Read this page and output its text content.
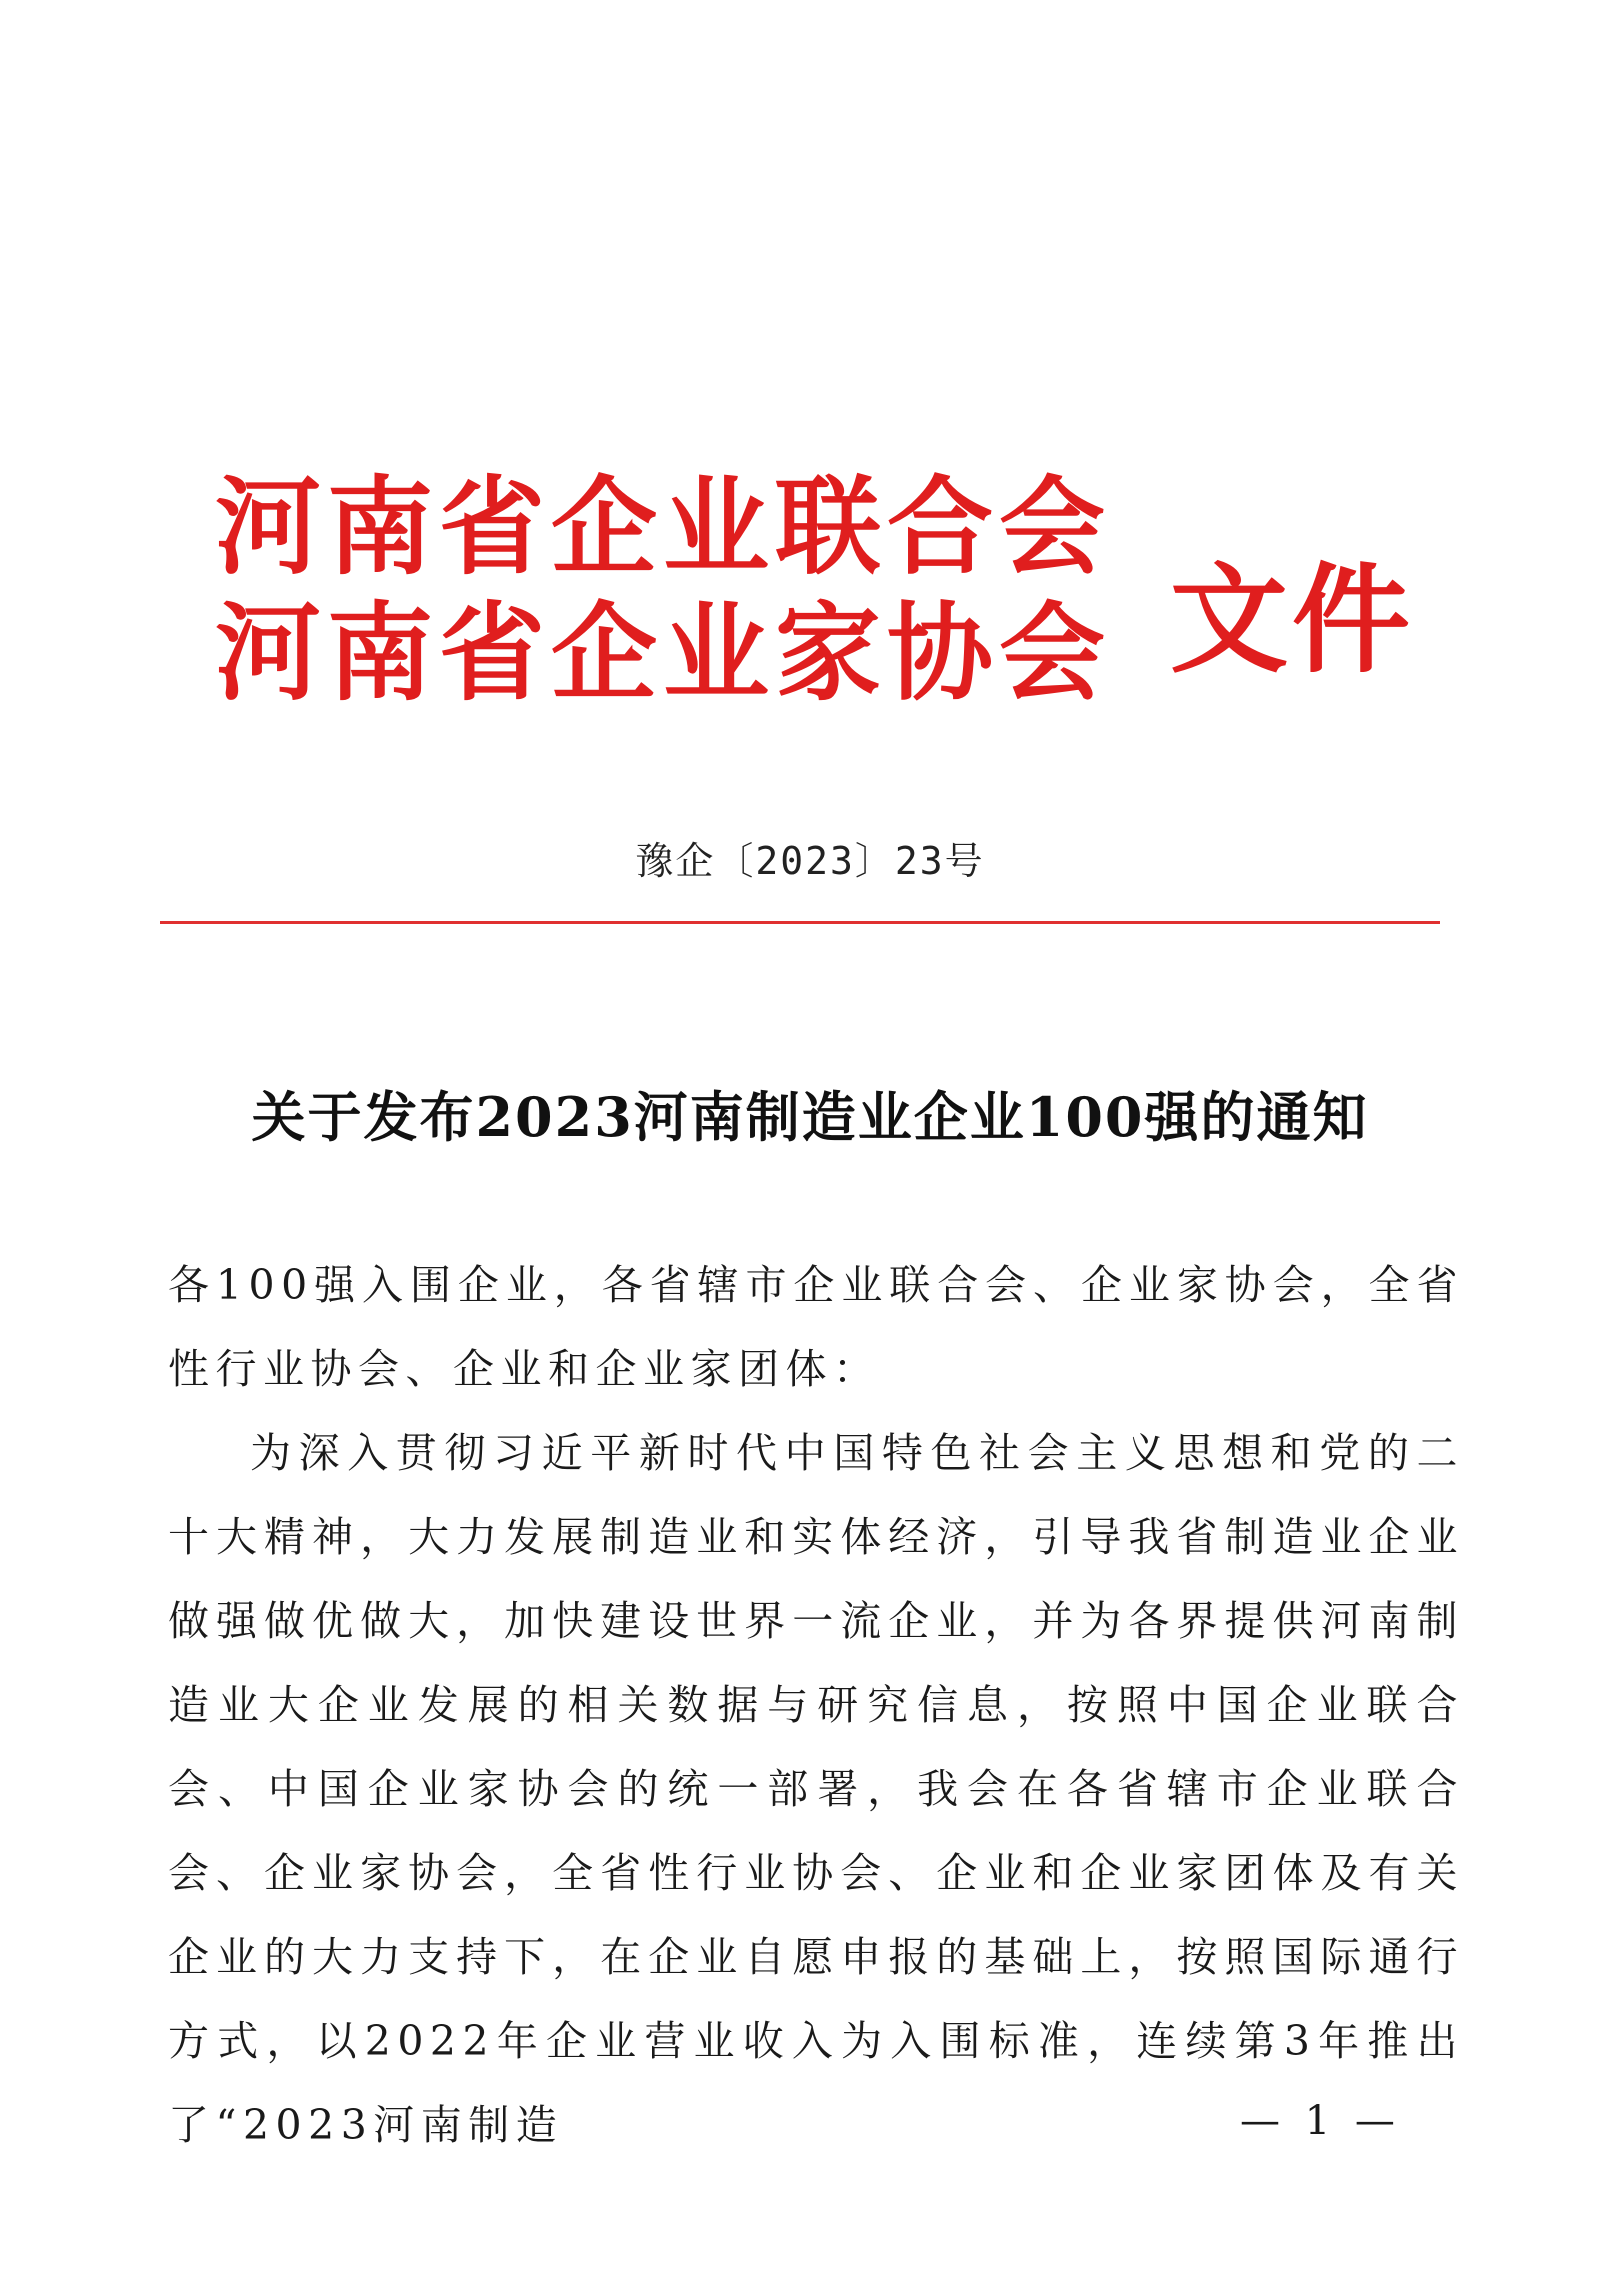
河南省企业联合会
河南省企业家协会 文件
豫企〔2023〕23号
关于发布2023河南制造业企业100强的通知

各100强入围企业，各省辖市企业联合会、企业家协会，全省性行业协会、企业和企业家团体：

为深入贯彻习近平新时代中国特色社会主义思想和党的二十大精神，大力发展制造业和实体经济，引导我省制造业企业做强做优做大，加快建设世界一流企业，并为各界提供河南制造业大企业发展的相关数据与研究信息，按照中国企业联合会、中国企业家协会的统一部署，我会在各省辖市企业联合会、企业家协会，全省性行业协会、企业和企业家团体及有关企业的大力支持下，在企业自愿申报的基础上，按照国际通行方式，以2022年企业营业收入为入围标准，连续第3年推出了“2023河南制造	— 1 —
